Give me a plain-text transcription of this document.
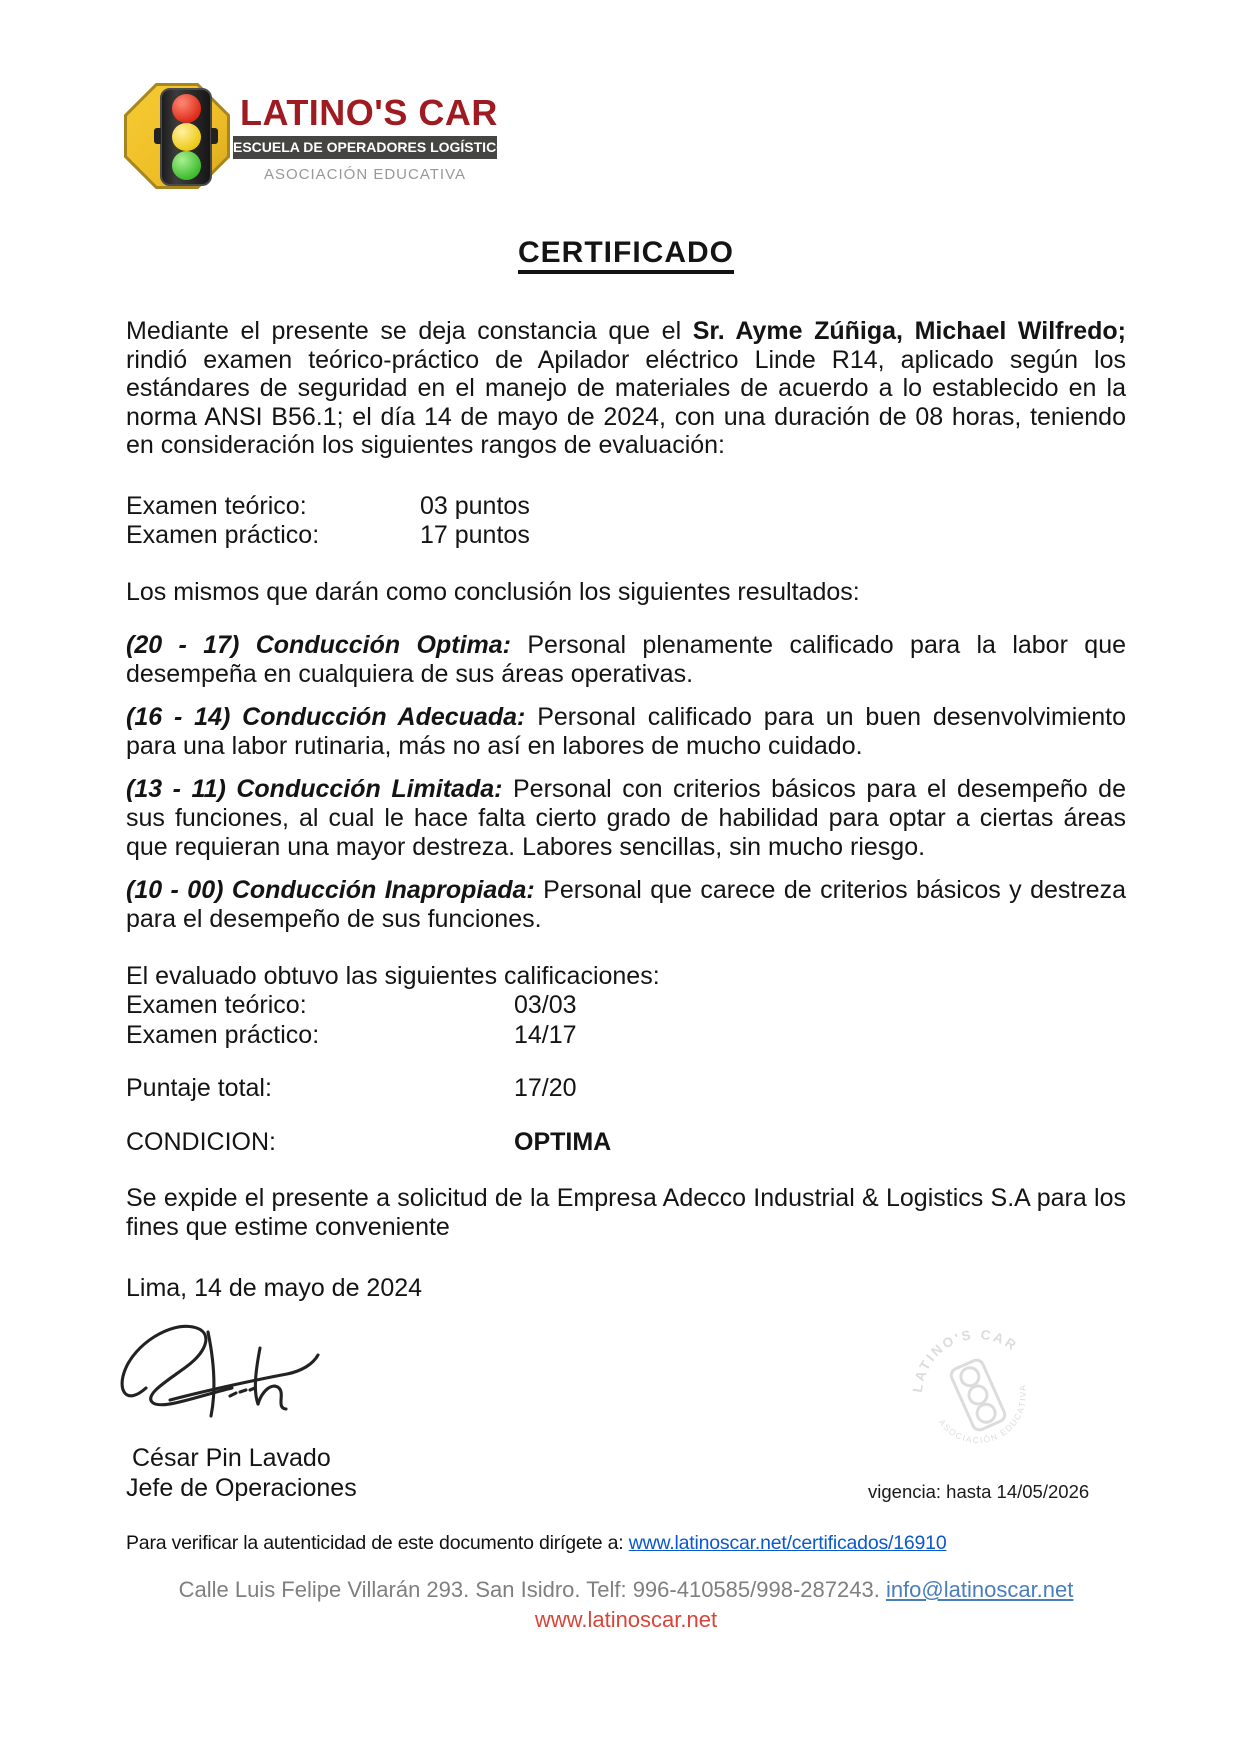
LATINO'S CAR
ESCUELA DE OPERADORES LOGÍSTICOS
ASOCIACIÓN EDUCATIVA
CERTIFICADO
Mediante el presente se deja constancia que el Sr. Ayme Zúñiga, Michael Wilfredo; rindió examen teórico-práctico de Apilador eléctrico Linde R14, aplicado según los estándares de seguridad en el manejo de materiales de acuerdo a lo establecido en la norma ANSI B56.1; el día 14 de mayo de 2024, con una duración de 08 horas, teniendo en consideración los siguientes rangos de evaluación:
Examen teórico:	03 puntos
Examen práctico:	17 puntos
Los mismos que darán como conclusión los siguientes resultados:

(20 - 17) Conducción Optima: Personal plenamente calificado para la labor que desempeña en cualquiera de sus áreas operativas.

(16 - 14) Conducción Adecuada: Personal calificado para un buen desenvolvimiento para una labor rutinaria, más no así en labores de mucho cuidado.

(13 - 11) Conducción Limitada: Personal con criterios básicos para el desempeño de sus funciones, al cual le hace falta cierto grado de habilidad para optar a ciertas áreas que requieran una mayor destreza. Labores sencillas, sin mucho riesgo.

(10 - 00) Conducción Inapropiada: Personal que carece de criterios básicos y destreza para el desempeño de sus funciones.

El evaluado obtuvo las siguientes calificaciones:
Examen teórico:	03/03
Examen práctico:	14/17
Puntaje total:	17/20
CONDICION:	OPTIMA
Se expide el presente a solicitud de la Empresa Adecco Industrial & Logistics S.A para los fines que estime conveniente
Lima, 14 de mayo de 2024
César Pin Lavado
Jefe de Operaciones
LATINO'S CAR
ASOCIACIÓN EDUCATIVA
vigencia: hasta 14/05/2026
Para verificar la autenticidad de este documento dirígete a: www.latinoscar.net/certificados/16910
Calle Luis Felipe Villarán 293. San Isidro. Telf: 996-410585/998-287243. info@latinoscar.net
www.latinoscar.net
